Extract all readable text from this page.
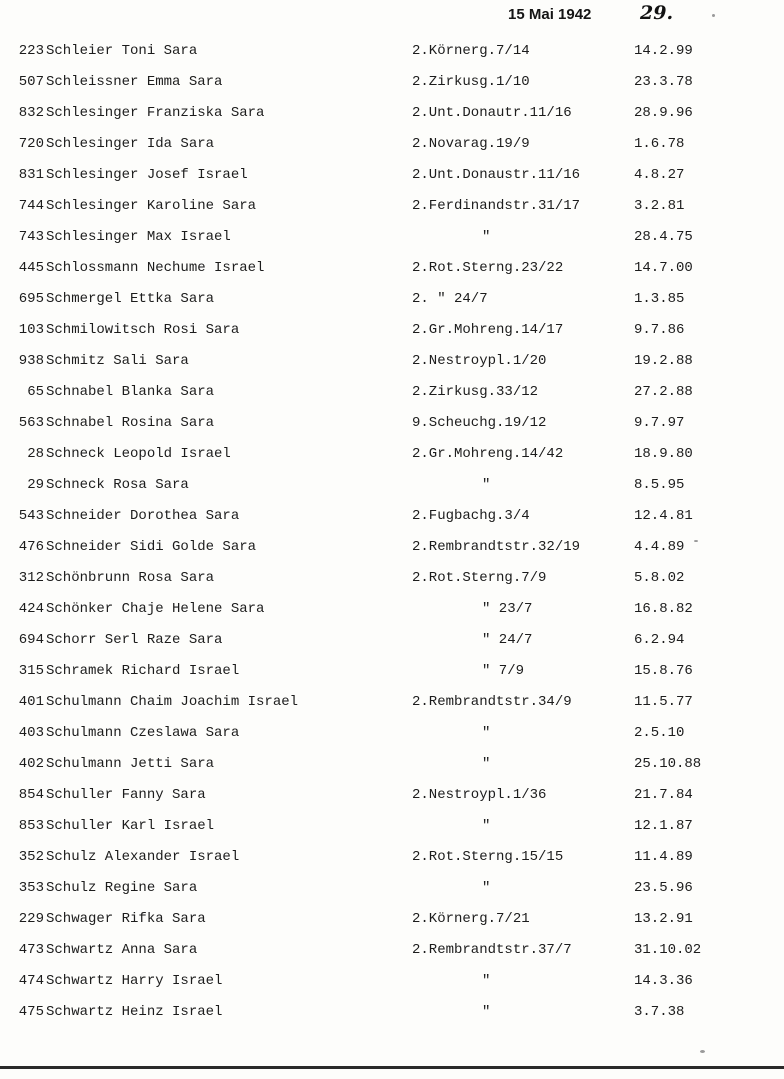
15 Mai 1942	29.
223 Schleier Toni Sara	2.Körnerg.7/14	14.2.99
507 Schleissner Emma Sara	2.Zirkusg.1/10	23.3.78
832 Schlesinger Franziska Sara	2.Unt.Donautr.11/16	28.9.96
720 Schlesinger Ida Sara	2.Novarag.19/9	1.6.78
831 Schlesinger Josef Israel	2.Unt.Donaustr.11/16	4.8.27
744 Schlesinger Karoline Sara	2.Ferdinandstr.31/17	3.2.81
743 Schlesinger Max Israel	"	28.4.75
445 Schlossmann Nechume Israel	2.Rot.Sterng.23/22	14.7.00
695 Schmergel Ettka Sara	2. " 24/7	1.3.85
103 Schmilowitsch Rosi Sara	2.Gr.Mohreng.14/17	9.7.86
938 Schmitz Sali Sara	2.Nestroypl.1/20	19.2.88
65 Schnabel Blanka Sara	2.Zirkusg.33/12	27.2.88
563 Schnabel Rosina Sara	9.Scheuchg.19/12	9.7.97
28 Schneck Leopold Israel	2.Gr.Mohreng.14/42	18.9.80
29 Schneck Rosa Sara	"	8.5.95
543 Schneider Dorothea Sara	2.Fugbachg.3/4	12.4.81
476 Schneider Sidi Golde Sara	2.Rembrandtstr.32/19	4.4.89
312 Schönbrunn Rosa Sara	2.Rot.Sterng.7/9	5.8.02
424 Schönker Chaje Helene Sara	" 23/7	16.8.82
694 Schorr Serl Raze Sara	" 24/7	6.2.94
315 Schramek Richard Israel	" 7/9	15.8.76
401 Schulmann Chaim Joachim Israel	2.Rembrandtstr.34/9	11.5.77
403 Schulmann Czeslawa Sara	"	2.5.10
402 Schulmann Jetti Sara	"	25.10.88
854 Schuller Fanny Sara	2.Nestroypl.1/36	21.7.84
853 Schuller Karl Israel	"	12.1.87
352 Schulz Alexander Israel	2.Rot.Sterng.15/15	11.4.89
353 Schulz Regine Sara	"	23.5.96
229 Schwager Rifka Sara	2.Körnerg.7/21	13.2.91
473 Schwartz Anna Sara	2.Rembrandtstr.37/7	31.10.02
474 Schwartz Harry Israel	"	14.3.36
475 Schwartz Heinz Israel	"	3.7.38
